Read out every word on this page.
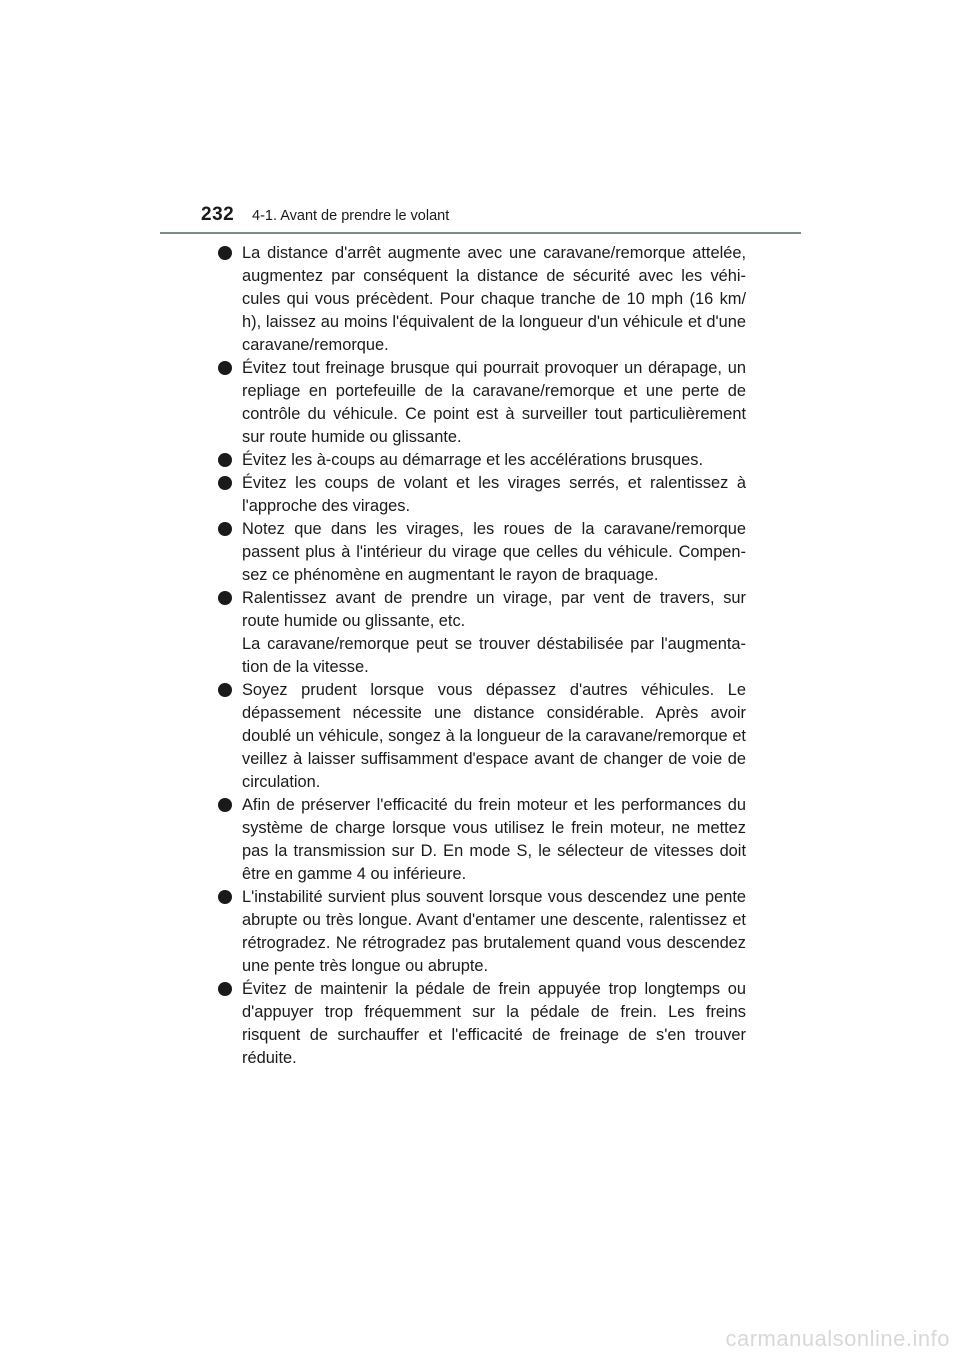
232 4-1. Avant de prendre le volant

La distance d'arrêt augmente avec une caravane/remorque attelée, augmentez par conséquent la distance de sécurité avec les véhi-cules qui vous précèdent. Pour chaque tranche de 10 mph (16 km/ h), laissez au moins l'équivalent de la longueur d'un véhicule et d'une caravane/remorque.

Évitez tout freinage brusque qui pourrait provoquer un dérapage, un repliage en portefeuille de la caravane/remorque et une perte de contrôle du véhicule. Ce point est à surveiller tout particulièrement sur route humide ou glissante.

Évitez les à-coups au démarrage et les accélérations brusques.

Évitez les coups de volant et les virages serrés, et ralentissez à l'approche des virages.

Notez que dans les virages, les roues de la caravane/remorque passent plus à l'intérieur du virage que celles du véhicule. Compen-sez ce phénomène en augmentant le rayon de braquage.

Ralentissez avant de prendre un virage, par vent de travers, sur route humide ou glissante, etc.

La caravane/remorque peut se trouver déstabilisée par l'augmenta-tion de la vitesse.

Soyez prudent lorsque vous dépassez d'autres véhicules. Le dépassement nécessite une distance considérable. Après avoir doublé un véhicule, songez à la longueur de la caravane/remorque et veillez à laisser suffisamment d'espace avant de changer de voie de circulation.

Afin de préserver l'efficacité du frein moteur et les performances du système de charge lorsque vous utilisez le frein moteur, ne mettez pas la transmission sur D. En mode S, le sélecteur de vitesses doit être en gamme 4 ou inférieure.

L'instabilité survient plus souvent lorsque vous descendez une pente abrupte ou très longue. Avant d'entamer une descente, ralentissez et rétrogradez. Ne rétrogradez pas brutalement quand vous descendez une pente très longue ou abrupte.

Évitez de maintenir la pédale de frein appuyée trop longtemps ou d'appuyer trop fréquemment sur la pédale de frein. Les freins risquent de surchauffer et l'efficacité de freinage de s'en trouver réduite.

carmanualsonline.info
